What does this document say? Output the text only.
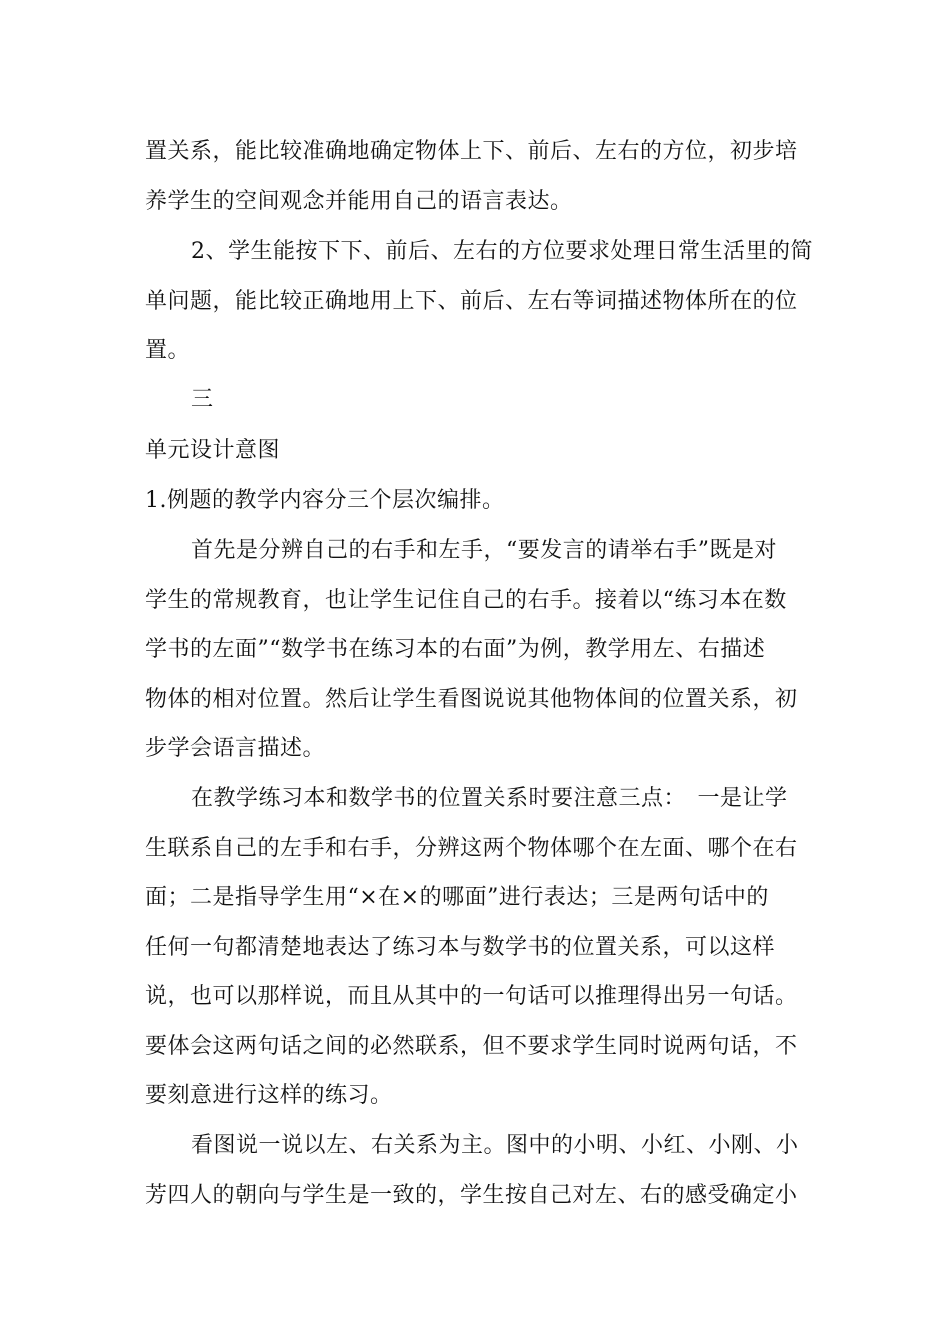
置关系，能比较准确地确定物体上下、前后、左右的方位，初步培
养学生的空间观念并能用自己的语言表达。
2、学生能按下下、前后、左右的方位要求处理日常生活里的简
单问题，能比较正确地用上下、前后、左右等词描述物体所在的位
置。
三
单元设计意图
1.例题的教学内容分三个层次编排。
首先是分辨自己的右手和左手，“要发言的请举右手”既是对
学生的常规教育，也让学生记住自己的右手。接着以“练习本在数
学书的左面”“数学书在练习本的右面”为例，教学用左、右描述
物体的相对位置。然后让学生看图说说其他物体间的位置关系，初
步学会语言描述。
在教学练习本和数学书的位置关系时要注意三点：　一是让学
生联系自己的左手和右手，分辨这两个物体哪个在左面、哪个在右
面；二是指导学生用“×在×的哪面”进行表达；三是两句话中的
任何一句都清楚地表达了练习本与数学书的位置关系，可以这样
说，也可以那样说，而且从其中的一句话可以推理得出另一句话。
要体会这两句话之间的必然联系，但不要求学生同时说两句话，不
要刻意进行这样的练习。
看图说一说以左、右关系为主。图中的小明、小红、小刚、小
芳四人的朝向与学生是一致的，学生按自己对左、右的感受确定小
